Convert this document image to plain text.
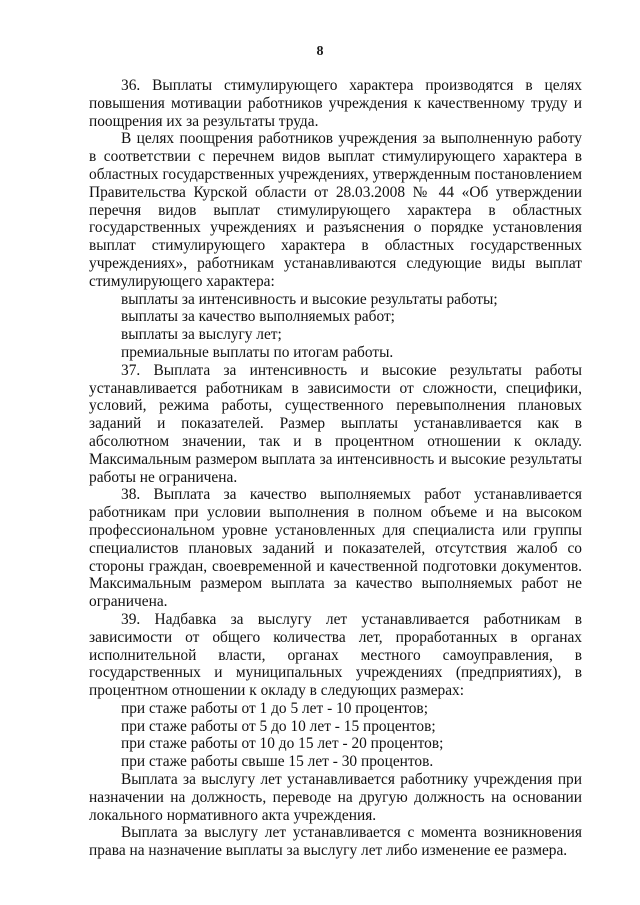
8

36. Выплаты стимулирующего характера производятся в целях повышения мотивации работников учреждения к качественному труду и поощрения их за результаты труда.

В целях поощрения работников учреждения за выполненную работу в соответствии с перечнем видов выплат стимулирующего характера в областных государственных учреждениях, утвержденным постановлением Правительства Курской области от 28.03.2008 № 44 «Об утверждении перечня видов выплат стимулирующего характера в областных государственных учреждениях и разъяснения о порядке установления выплат стимулирующего характера в областных государственных учреждениях», работникам устанавливаются следующие виды выплат стимулирующего характера:

выплаты за интенсивность и высокие результаты работы;

выплаты за качество выполняемых работ;

выплаты за выслугу лет;

премиальные выплаты по итогам работы.

37. Выплата за интенсивность и высокие результаты работы устанавливается работникам в зависимости от сложности, специфики, условий, режима работы, существенного перевыполнения плановых заданий и показателей. Размер выплаты устанавливается как в абсолютном значении, так и в процентном отношении к окладу. Максимальным размером выплата за интенсивность и высокие результаты работы не ограничена.

38. Выплата за качество выполняемых работ устанавливается работникам при условии выполнения в полном объеме и на высоком профессиональном уровне установленных для специалиста или группы специалистов плановых заданий и показателей, отсутствия жалоб со стороны граждан, своевременной и качественной подготовки документов. Максимальным размером выплата за качество выполняемых работ не ограничена.

39. Надбавка за выслугу лет устанавливается работникам в зависимости от общего количества лет, проработанных в органах исполнительной власти, органах местного самоуправления, в государственных и муниципальных учреждениях (предприятиях), в процентном отношении к окладу в следующих размерах:

при стаже работы от 1 до 5 лет - 10 процентов;

при стаже работы от 5 до 10 лет - 15 процентов;

при стаже работы от 10 до 15 лет - 20 процентов;

при стаже работы свыше 15 лет - 30 процентов.

Выплата за выслугу лет устанавливается работнику учреждения при назначении на должность, переводе на другую должность на основании локального нормативного акта учреждения.

Выплата за выслугу лет устанавливается с момента возникновения права на назначение выплаты за выслугу лет либо изменение ее размера.
